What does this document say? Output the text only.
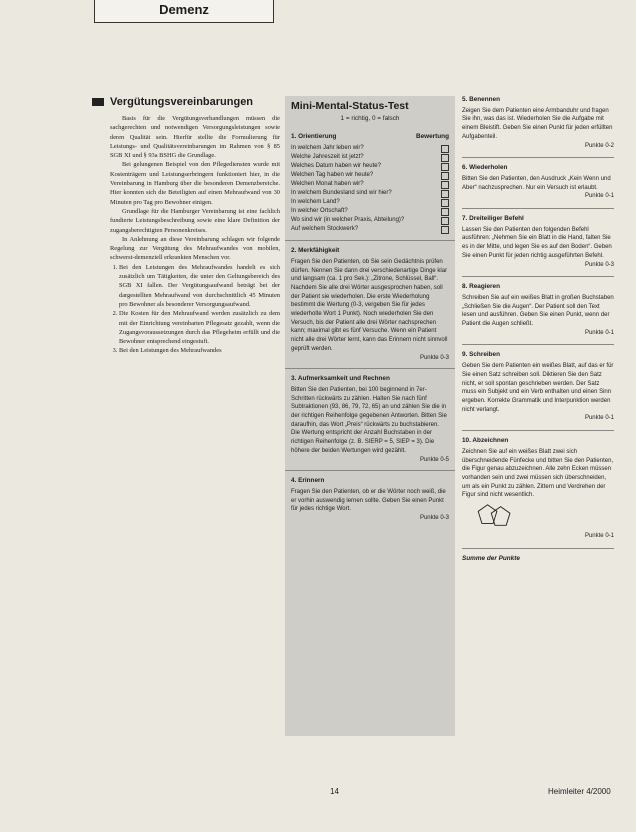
Demenz
Vergütungsvereinbarungen

Basis für die Vergütungsverhandlungen müssen die sachgerechten und notwendigen Versorgungsleistungen sowie deren Qualität sein. Hierfür stellte die Formulierung für Leistungs- und Qualitätsvereinbarungen im Rahmen von § 85 SGB XI und § 93a BSHG die Grundlage.

Bei gelungenen Beispiel von den Pflegediensten wurde mit Kostenträgern und Leistungserbringern funktioniert hier, in die Vereinbarung in Hamburg über die besonderen Demenzbereiche. Hier konnten sich die Beteiligten auf einen Mehraufwand von 30 Minuten pro Tag pro Bewohner einigen.

Grundlage für die Hamburger Vereinbarung ist eine fachlich fundierte Leistungsbeschreibung sowie eine klare Definition der zugangsberechtigten Personenkreises.

In Anlehnung an diese Vereinbarung schlagen wir folgende Regelung zur Vergütung des Mehraufwandes von mobilen, schwerst-demenziell erkrankten Menschen vor.

1. Bei den Leistungen des Mehraufwandes handelt es sich zusätzlich um Tätigkeiten, die unter den Geltungsbereich des SGB XI fallen. Der Vergütungsaufwand beträgt bei der dargestellten Mehraufwand von durchschnittlich 45 Minuten pro Bewohner als besonderer Versorgungsaufwand.
2. Die Kosten für den Mehraufwand werden zusätzlich zu dem mit der Einrichtung vereinbarten Pflegesatz gezahlt, wenn die Zugangsvoraussetzungen durch das Pflegeheim erfüllt und die Bewohner entsprechend eingestuft.
3. Bei den Leistungen des Mehraufwandes
Mini-Mental-Status-Test
1 = richtig, 0 = falsch
1. Orientierung	Bewertung
In welchem Jahr leben wir?
Welche Jahreszeit ist jetzt?
Welches Datum haben wir heute?
Welchen Tag haben wir heute?
Welchen Monat haben wir?
In welchem Bundesland sind wir hier?
In welchem Land?
In welcher Ortschaft?
Wo sind wir (in welcher Praxis, Abteilung)?
Auf welchem Stockwerk?
2. Merkfähigkeit
Fragen Sie den Patienten, ob Sie sein Gedächtnis prüfen dürfen. Nennen Sie dann drei verschiedenartige Dinge klar und langsam (ca. 1 pro Sek.): „Zitrone, Schlüssel, Ball“. Nachdem Sie alle drei Wörter ausgesprochen haben, soll der Patient sie wiederholen. Die erste Wiederholung bestimmt die Wertung (0-3, vergeben Sie für jedes wiederholte Wort 1 Punkt). Noch wiederholen Sie den Versuch, bis der Patient alle drei Wörter nachsprechen kann; maximal gibt es fünf Versuche. Wenn ein Patient nicht alle drei Wörter lernt, kann das Erinnern nicht sinnvoll geprüft werden.
Punkte 0-3
3. Aufmerksamkeit und Rechnen
Bitten Sie den Patienten, bei 100 beginnend in 7er-Schritten rückwärts zu zählen. Halten Sie nach fünf Subtraktionen (93, 86, 79, 72, 65) an und zählen Sie die in der richtigen Reihenfolge gegebenen Antworten. Bitten Sie daraufhin, das Wort „Preis“ rückwärts zu buchstabieren. Die Wertung entspricht der Anzahl Buchstaben in der richtigen Reihenfolge (z. B. SIERP = 5, SIEP = 3). Die höhere der beiden Wertungen wird gezählt.
Punkte 0-5
4. Erinnern
Fragen Sie den Patienten, ob er die Wörter noch weiß, die er vorhin auswendig lernen sollte. Geben Sie einen Punkt für jedes richtige Wort.
Punkte 0-3
5. Benennen
Zeigen Sie dem Patienten eine Armbanduhr und fragen Sie ihn, was das ist. Wiederholen Sie die Aufgabe mit einem Bleistift. Geben Sie einen Punkt für jeden erfüllten Aufgabenteil.
Punkte 0-2
6. Wiederholen
Bitten Sie den Patienten, den Ausdruck „Kein Wenn und Aber“ nachzusprechen. Nur ein Versuch ist erlaubt.
Punkte 0-1
7. Dreiteiliger Befehl
Lassen Sie den Patienten den folgenden Befehl ausführen: „Nehmen Sie ein Blatt in die Hand, falten Sie es in der Mitte, und legen Sie es auf den Boden“. Geben Sie einen Punkt für jeden richtig ausgeführten Befehl.
Punkte 0-3
8. Reagieren
Schreiben Sie auf ein weißes Blatt in großen Buchstaben „Schließen Sie die Augen“. Der Patient soll den Text lesen und ausführen. Geben Sie einen Punkt, wenn der Patient die Augen schließt.
Punkte 0-1
9. Schreiben
Geben Sie dem Patienten ein weißes Blatt, auf das er für Sie einen Satz schreiben soll. Diktieren Sie den Satz nicht, er soll spontan geschrieben werden. Der Satz muss ein Subjekt und ein Verb enthalten und einen Sinn ergeben. Korrekte Grammatik und Interpunktion werden nicht verlangt.
Punkte 0-1
10. Abzeichnen
Zeichnen Sie auf ein weißes Blatt zwei sich überschneidende Fünfecke und bitten Sie den Patienten, die Figur genau abzuzeichnen. Alle zehn Ecken müssen vorhanden sein und zwei müssen sich überschneiden, um als ein Punkt zu zählen. Zittern und Verdrehen der Figur sind nicht wesentlich.
Punkte 0-1
Summe der Punkte
14	Heimleiter 4/2000
